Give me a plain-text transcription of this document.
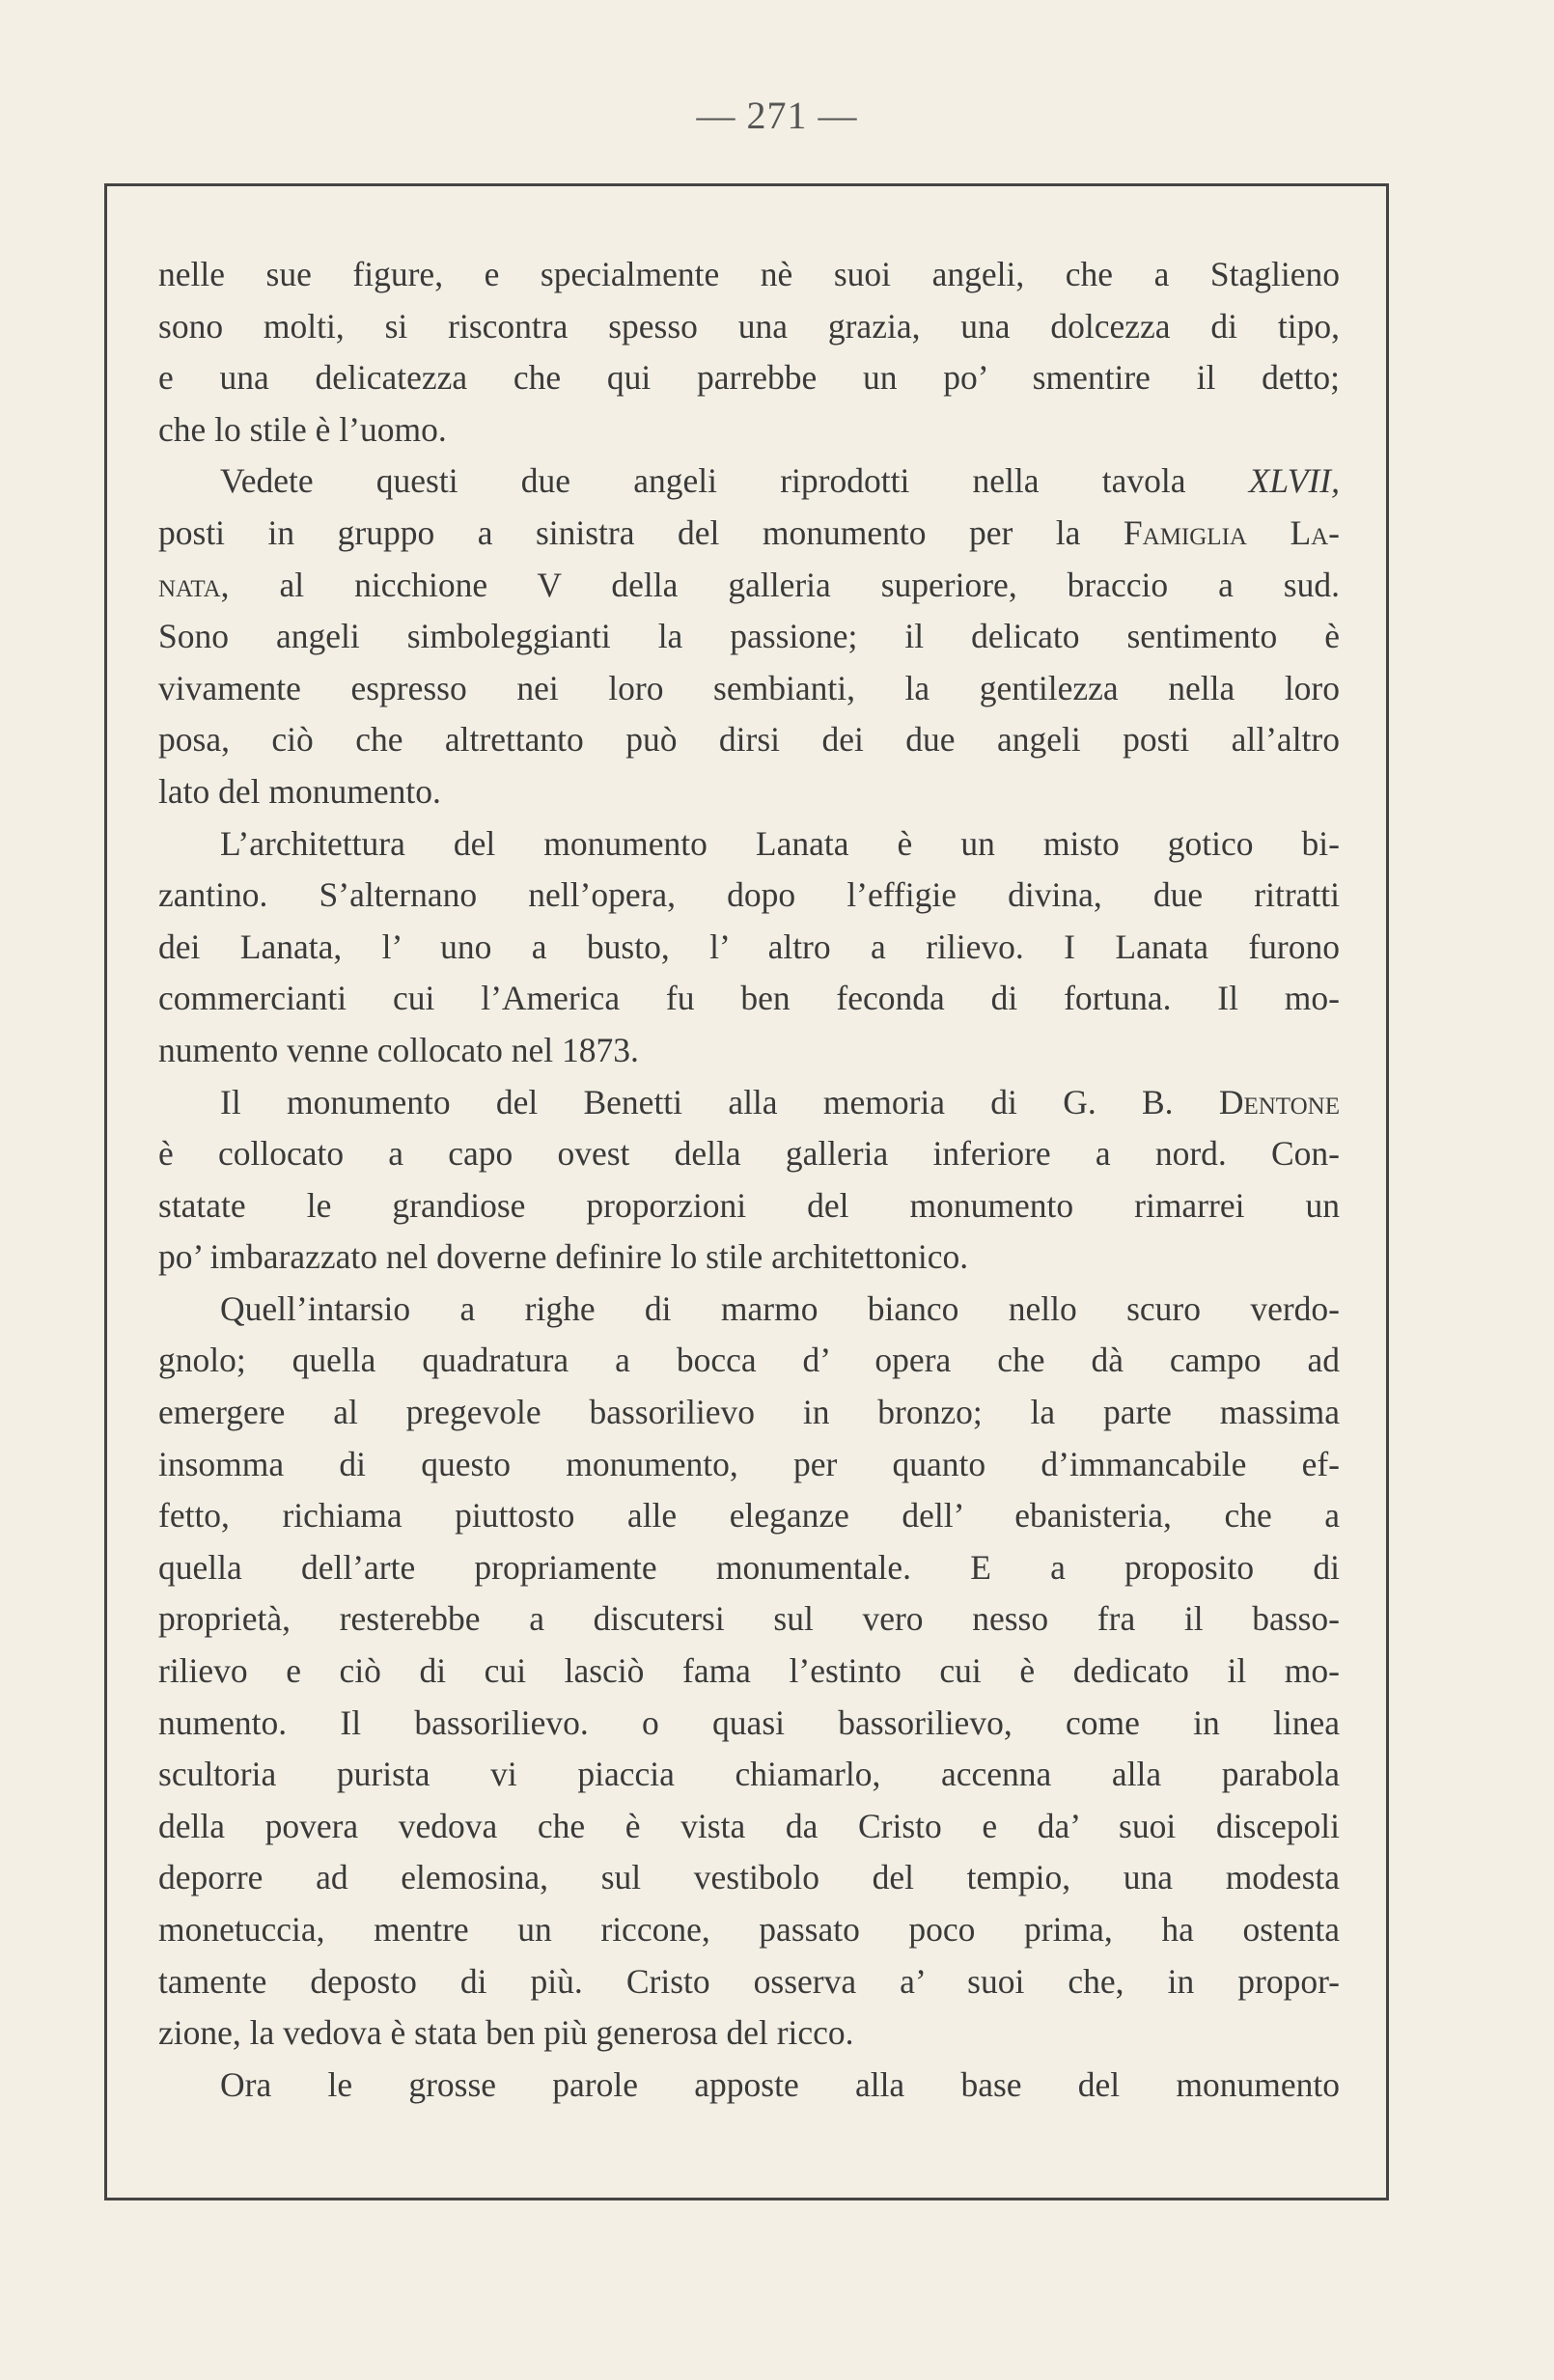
— 271 —
nelle sue figure, e specialmente nè suoi angeli, che a Staglieno
sono molti, si riscontra spesso una grazia, una dolcezza di tipo,
e una delicatezza che qui parrebbe un po’ smentire il detto;
che lo stile è l’uomo.
Vedete questi due angeli riprodotti nella tavola XLVII,
posti in gruppo a sinistra del monumento per la Famiglia La-
nata, al nicchione V della galleria superiore, braccio a sud.
Sono angeli simboleggianti la passione; il delicato sentimento è
vivamente espresso nei loro sembianti, la gentilezza nella loro
posa, ciò che altrettanto può dirsi dei due angeli posti all’altro
lato del monumento.
L’architettura del monumento Lanata è un misto gotico bi-
zantino. S’alternano nell’opera, dopo l’effigie divina, due ritratti
dei Lanata, l’ uno a busto, l’ altro a rilievo. I Lanata furono
commercianti cui l’America fu ben feconda di fortuna. Il mo-
numento venne collocato nel 1873.
Il monumento del Benetti alla memoria di G. B. Dentone
è collocato a capo ovest della galleria inferiore a nord. Con-
statate le grandiose proporzioni del monumento rimarrei un
po’ imbarazzato nel doverne definire lo stile architettonico.
Quell’intarsio a righe di marmo bianco nello scuro verdo-
gnolo; quella quadratura a bocca d’ opera che dà campo ad
emergere al pregevole bassorilievo in bronzo; la parte massima
insomma di questo monumento, per quanto d’immancabile ef-
fetto, richiama piuttosto alle eleganze dell’ ebanisteria, che a
quella dell’arte propriamente monumentale. E a proposito di
proprietà, resterebbe a discutersi sul vero nesso fra il basso-
rilievo e ciò di cui lasciò fama l’estinto cui è dedicato il mo-
numento. Il bassorilievo. o quasi bassorilievo, come in linea
scultoria purista vi piaccia chiamarlo, accenna alla parabola
della povera vedova che è vista da Cristo e da’ suoi discepoli
deporre ad elemosina, sul vestibolo del tempio, una modesta
monetuccia, mentre un riccone, passato poco prima, ha ostenta
tamente deposto di più. Cristo osserva a’ suoi che, in propor-
zione, la vedova è stata ben più generosa del ricco.
Ora le grosse parole apposte alla base del monumento
